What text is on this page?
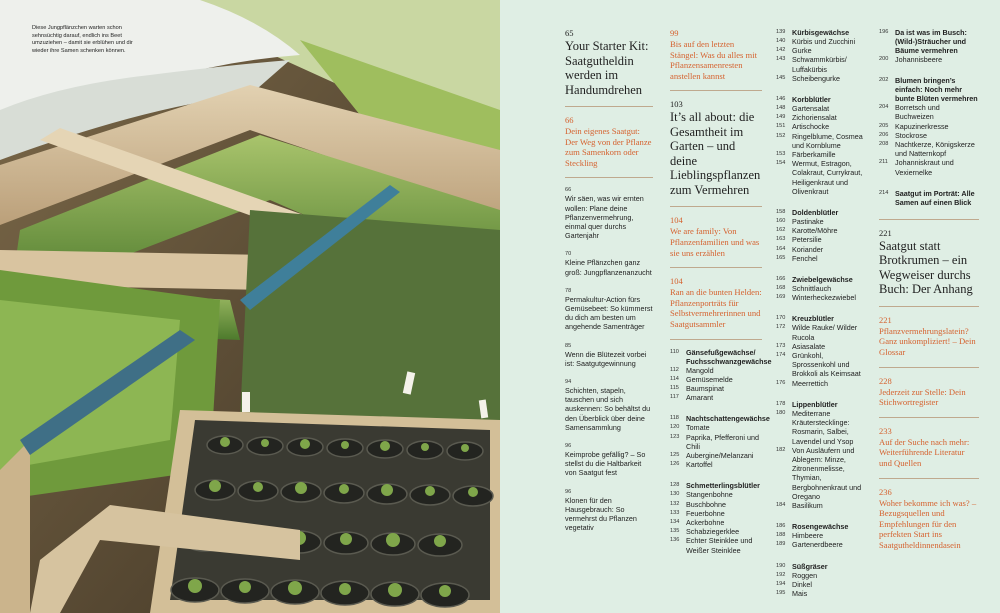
Diese Jungpflänzchen warten schon sehnsüchtig darauf, endlich ins Beet umzuziehen – damit sie erblühen und dir wieder ihre Samen schenken können.
65
Your Starter Kit: Saatgutheldin werden im Handumdrehen
66
Dein eigenes Saatgut: Der Weg von der Pflanze zum Samenkorn oder Steckling
66
Wir säen, was wir ernten wollen: Plane deine Pflanzenvermehrung, einmal quer durchs Gartenjahr
70
Kleine Pflänzchen ganz groß: Jungpflanzenanzucht
78
Permakultur-Action fürs Gemüsebeet: So kümmerst du dich am besten um angehende Samenträger
85
Wenn die Blütezeit vorbei ist: Saatgutgewinnung
94
Schichten, stapeln, tauschen und sich auskennen: So behältst du den Überblick über deine Samensammlung
96
Keimprobe gefällig? – So stellst du die Haltbarkeit von Saatgut fest
96
Klonen für den Hausgebrauch: So vermehrst du Pflanzen vegetativ
99
Bis auf den letzten Stängel: Was du alles mit Pflanzensamenresten anstellen kannst
103
It’s all about: die Gesamtheit im Garten – und deine Lieblingspflanzen zum Vermehren
104
We are family: Von Pflanzenfamilien und was sie uns erzählen
104
Ran an die bunten Helden: Pflanzenporträts für Selbstvermehrerinnen und Saatgutsammler
110 Gänsefußgewächse/ Fuchsschwanzgewächse
112 Mangold
114 Gemüsemelde
115 Baumspinat
117 Amarant
118 Nachtschattengewächse
120 Tomate
123 Paprika, Pfefferoni und Chili
125 Aubergine/Melanzani
126 Kartoffel
128 Schmetterlingsblütler
130 Stangenbohne
132 Buschbohne
133 Feuerbohne
134 Ackerbohne
135 Schabziegerklee
136 Echter Steinklee und Weißer Steinklee
139 Kürbisgewächse
140 Kürbis und Zucchini
142 Gurke
143 Schwammkürbis/ Luffakürbis
145 Scheibengurke
146 Korbblütler
148 Gartensalat
149 Zichoriensalat
151 Artischocke
152 Ringelblume, Cosmea und Kornblume
153 Färberkamille
154 Wermut, Estragon, Colakraut, Currykraut, Heiligenkraut und Olivenkraut
158 Doldenblütler
160 Pastinake
162 Karotte/Möhre
163 Petersilie
164 Koriander
165 Fenchel
166 Zwiebelgewächse
168 Schnittlauch
169 Winterheckezwiebel
170 Kreuzblütler
172 Wilde Rauke/ Wilder Rucola
173 Asiasalate
174 Grünkohl, Sprossenkohl und Brokkoli als Keimsaat
176 Meerrettich
178 Lippenblütler
180 Mediterrane Kräuterstecklinge: Rosmarin, Salbei, Lavendel und Ysop
182 Von Ausläufern und Ablegern: Minze, Zitronenmelisse, Thymian, Bergbohnenkraut und Oregano
184 Basilikum
186 Rosengewächse
188 Himbeere
189 Gartenerdbeere
190 Süßgräser
192 Roggen
194 Dinkel
195 Mais
196 Da ist was im Busch: (Wild-)Sträucher und Bäume vermehren
200 Johannisbeere
202 Blumen bringen’s einfach: Noch mehr bunte Blüten vermehren
204 Borretsch und Buchweizen
205 Kapuzinerkresse
206 Stockrose
208 Nachtkerze, Königskerze und Natternkopf
211 Johanniskraut und Vexiernelke
214 Saatgut im Porträt: Alle Samen auf einen Blick
221
Saatgut statt Brotkrumen – ein Wegweiser durchs Buch: Der Anhang
221
Pflanzvermehrungslatein? Ganz unkompliziert! – Dein Glossar
228
Jederzeit zur Stelle: Dein Stichwortregister
233
Auf der Suche nach mehr: Weiterführende Literatur und Quellen
236
Woher bekomme ich was? – Bezugsquellen und Empfehlungen für den perfekten Start ins Saatgutheldinnendasein
